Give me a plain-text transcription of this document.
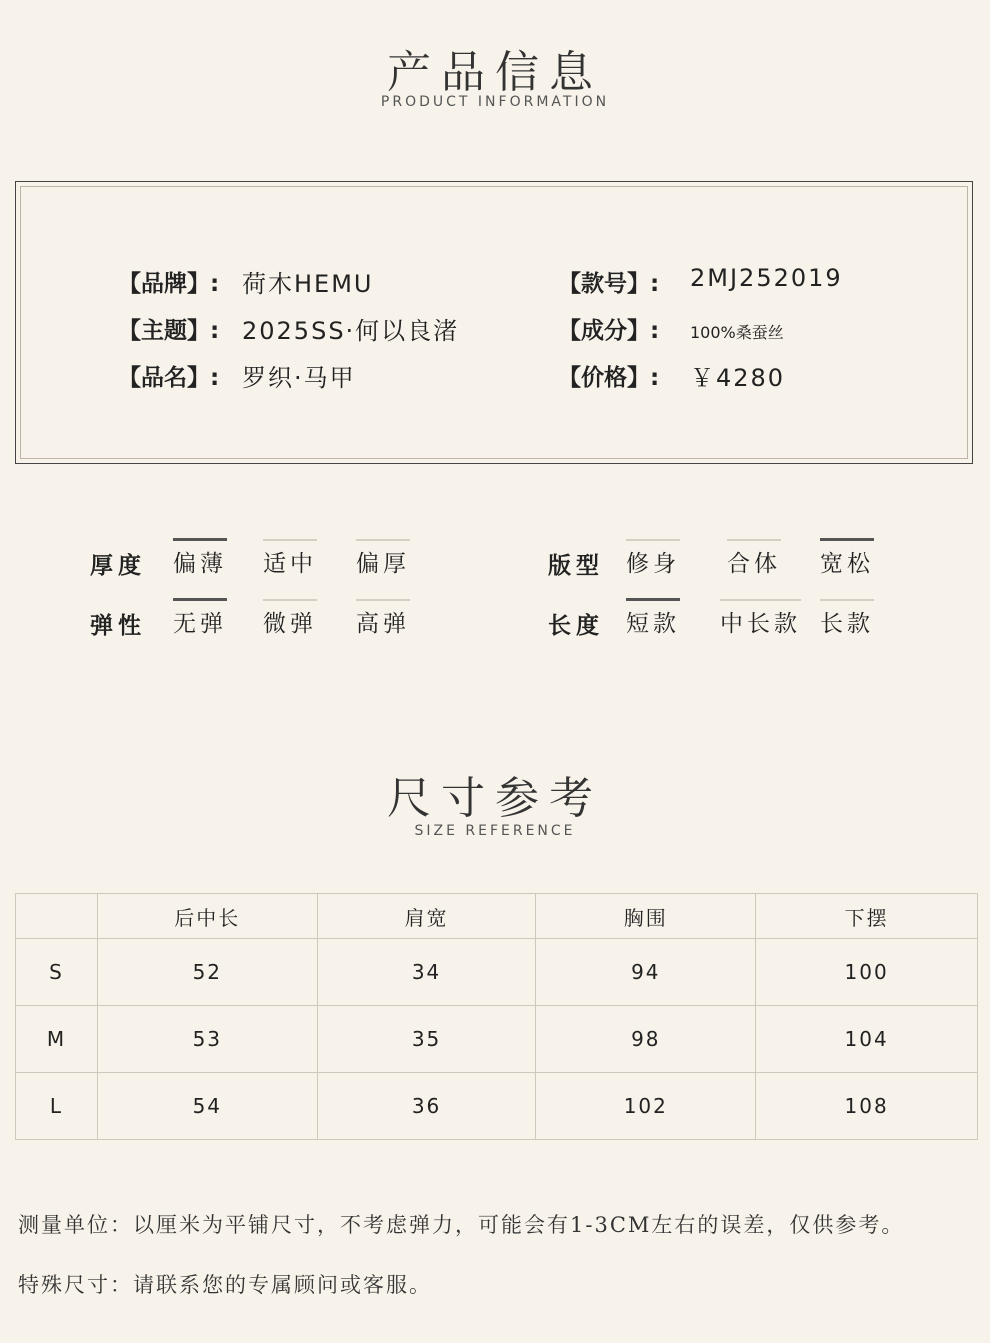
产品信息
PRODUCT INFORMATION
【品牌】: 荷木HEMU
【主题】: 2025SS·何以良渚
【品名】: 罗织·马甲
【款号】: 2MJ252019
【成分】: 100%桑蚕丝
【价格】: ￥4280
厚度 偏薄 适中 偏厚
弹性 无弹 微弹 高弹
版型 修身 合体 宽松
长度 短款 中长款 长款
尺寸参考
SIZE REFERENCE
	后中长	肩宽	胸围	下摆
S	52	34	94	100
M	53	35	98	104
L	54	36	102	108
测量单位：以厘米为平铺尺寸，不考虑弹力，可能会有1-3CM左右的误差，仅供参考。
特殊尺寸：请联系您的专属顾问或客服。
